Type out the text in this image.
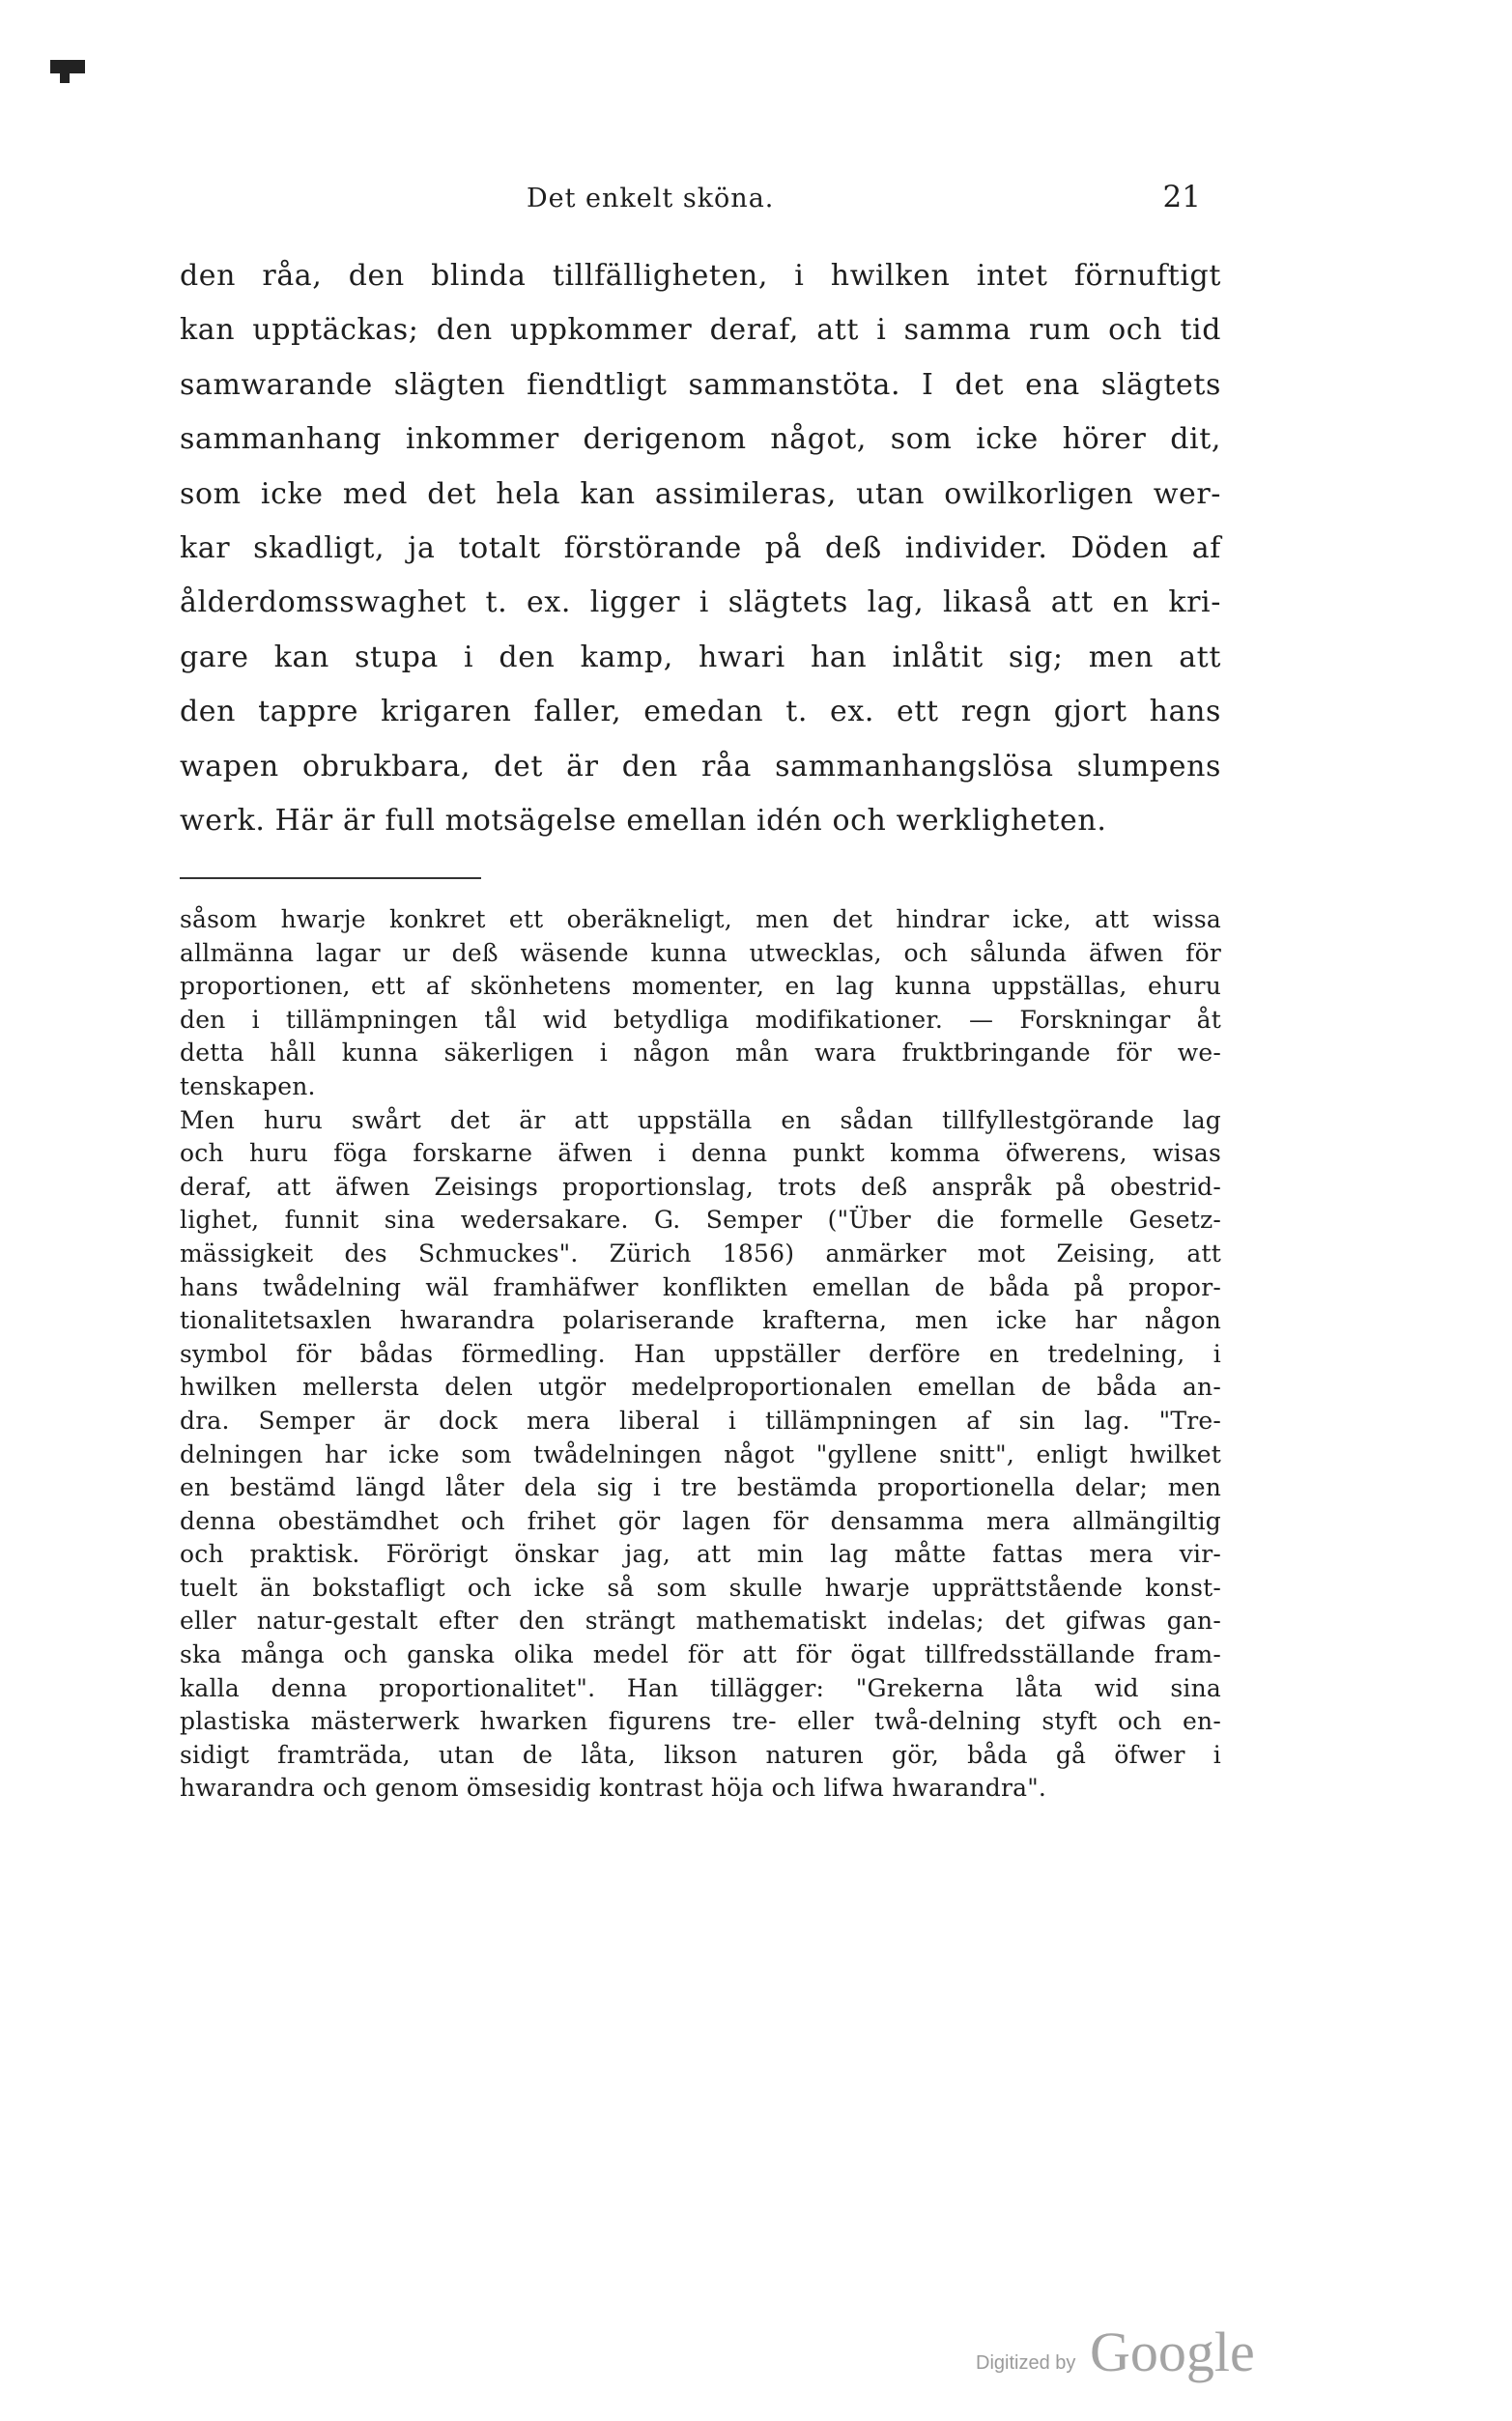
Det enkelt sköna.	21
den råa, den blinda tillfälligheten, i hwilken intet förnuftigt
kan upptäckas; den uppkommer deraf, att i samma rum och tid
samwarande slägten fiendtligt sammanstöta. I det ena slägtets
sammanhang inkommer derigenom något, som icke hörer dit,
som icke med det hela kan assimileras, utan owilkorligen wer-
kar skadligt, ja totalt förstörande på deß individer. Döden af
ålderdomsswaghet t. ex. ligger i slägtets lag, likaså att en kri-
gare kan stupa i den kamp, hwari han inlåtit sig; men att
den tappre krigaren faller, emedan t. ex. ett regn gjort hans
wapen obrukbara, det är den råa sammanhangslösa slumpens
werk. Här är full motsägelse emellan idén och werkligheten.
såsom hwarje konkret ett oberäkneligt, men det hindrar icke, att wissa
allmänna lagar ur deß wäsende kunna utwecklas, och sålunda äfwen för
proportionen, ett af skönhetens momenter, en lag kunna uppställas, ehuru
den i tillämpningen tål wid betydliga modifikationer. — Forskningar åt
detta håll kunna säkerligen i någon mån wara fruktbringande för we-
tenskapen.
Men huru swårt det är att uppställa en sådan tillfyllestgörande lag
och huru föga forskarne äfwen i denna punkt komma öfwerens, wisas
deraf, att äfwen Zeisings proportionslag, trots deß anspråk på obestrid-
lighet, funnit sina wedersakare. G. Semper ("Über die formelle Gesetz-
mässigkeit des Schmuckes". Zürich 1856) anmärker mot Zeising, att
hans twådelning wäl framhäfwer konflikten emellan de båda på propor-
tionalitetsaxlen hwarandra polariserande krafterna, men icke har någon
symbol för bådas förmedling. Han uppställer derföre en tredelning, i
hwilken mellersta delen utgör medelproportionalen emellan de båda an-
dra. Semper är dock mera liberal i tillämpningen af sin lag. "Tre-
delningen har icke som twådelningen något "gyllene snitt", enligt hwilket
en bestämd längd låter dela sig i tre bestämda proportionella delar; men
denna obestämdhet och frihet gör lagen för densamma mera allmängiltig
och praktisk. Förörigt önskar jag, att min lag måtte fattas mera vir-
tuelt än bokstafligt och icke så som skulle hwarje upprättstående konst-
eller natur-gestalt efter den strängt mathematiskt indelas; det gifwas gan-
ska många och ganska olika medel för att för ögat tillfredsställande fram-
kalla denna proportionalitet". Han tillägger: "Grekerna låta wid sina
plastiska mästerwerk hwarken figurens tre- eller twå-delning styft och en-
sidigt framträda, utan de låta, likson naturen gör, båda gå öfwer i
hwarandra och genom ömsesidig kontrast höja och lifwa hwarandra".
Digitized by Google
